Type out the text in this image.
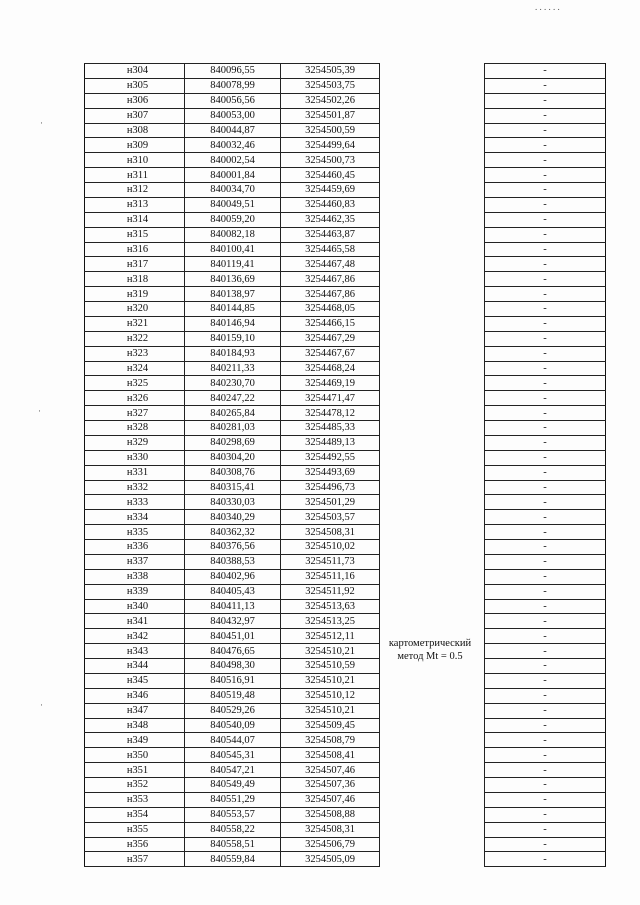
. . . . . .
·
·
·
н304	840096,55	3254505,39		-
н305	840078,99	3254503,75		-
н306	840056,56	3254502,26		-
н307	840053,00	3254501,87		-
н308	840044,87	3254500,59		-
н309	840032,46	3254499,64		-
н310	840002,54	3254500,73		-
н311	840001,84	3254460,45		-
н312	840034,70	3254459,69		-
н313	840049,51	3254460,83		-
н314	840059,20	3254462,35		-
н315	840082,18	3254463,87		-
н316	840100,41	3254465,58		-
н317	840119,41	3254467,48		-
н318	840136,69	3254467,86		-
н319	840138,97	3254467,86		-
н320	840144,85	3254468,05		-
н321	840146,94	3254466,15		-
н322	840159,10	3254467,29		-
н323	840184,93	3254467,67		-
н324	840211,33	3254468,24		-
н325	840230,70	3254469,19		-
н326	840247,22	3254471,47		-
н327	840265,84	3254478,12		-
н328	840281,03	3254485,33		-
н329	840298,69	3254489,13		-
н330	840304,20	3254492,55		-
н331	840308,76	3254493,69		-
н332	840315,41	3254496,73		-
н333	840330,03	3254501,29		-
н334	840340,29	3254503,57		-
н335	840362,32	3254508,31		-
н336	840376,56	3254510,02		-
н337	840388,53	3254511,73		-
н338	840402,96	3254511,16		-
н339	840405,43	3254511,92		-
н340	840411,13	3254513,63		-
н341	840432,97	3254513,25		-
н342	840451,01	3254512,11		-
н343	840476,65	3254510,21		-
н344	840498,30	3254510,59		-
н345	840516,91	3254510,21		-
н346	840519,48	3254510,12		-
н347	840529,26	3254510,21		-
н348	840540,09	3254509,45		-
н349	840544,07	3254508,79		-
н350	840545,31	3254508,41		-
н351	840547,21	3254507,46		-
н352	840549,49	3254507,36		-
н353	840551,29	3254507,46		-
н354	840553,57	3254508,88		-
н355	840558,22	3254508,31		-
н356	840558,51	3254506,79		-
н357	840559,84	3254505,09		-
картометрический
метод Mt = 0.5
